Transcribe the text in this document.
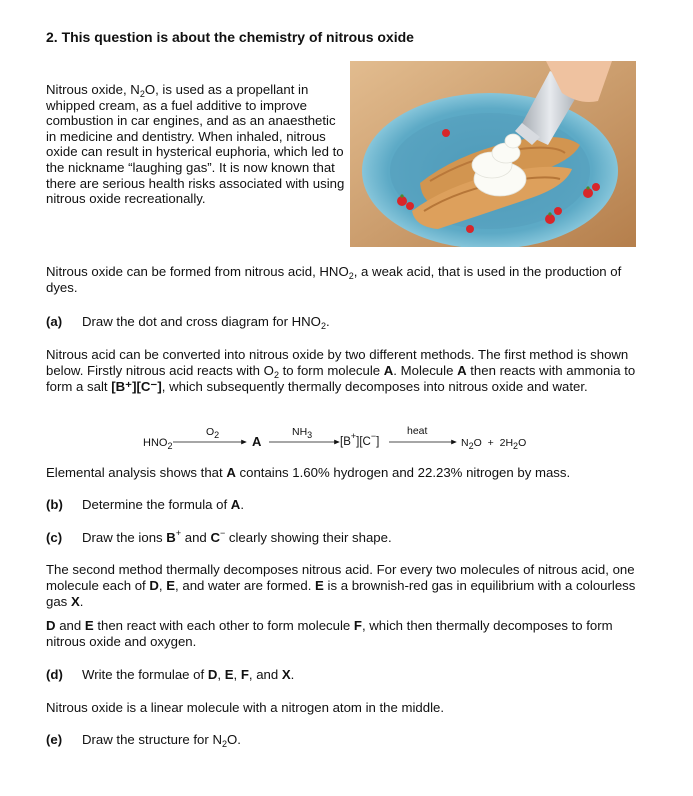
2. This question is about the chemistry of nitrous oxide
Nitrous oxide, $N_2O$, is used as a propellant in whipped cream, as a fuel additive to improve combustion in car engines, and as an anaesthetic in medicine and dentistry. When inhaled, nitrous oxide can result in hysterical euphoria, which led to the nickname “laughing gas”. It is now known that there are serious health risks associated with using nitrous oxide recreationally.
Nitrous oxide can be formed from nitrous acid, $HNO_2$, a weak acid, that is used in the production of dyes.
(a) Draw the dot and cross diagram for $HNO_2$.
Nitrous acid can be converted into nitrous oxide by two different methods. The first method is shown below. Firstly nitrous acid reacts with $O_2$ to form molecule A. Molecule A then reacts with ammonia to form a salt [B⁺][C⁻], which subsequently thermally decomposes into nitrous oxide and water.
$HNO_2$
$O_2$	A
$NH_3$
[B+][C−]
heat
$N_2O + 2H_2O$
Elemental analysis shows that A contains 1.60% hydrogen and 22.23% nitrogen by mass.
(b) Determine the formula of A.
(c) Draw the ions B+ and C− clearly showing their shape.
The second method thermally decomposes nitrous acid. For every two molecules of nitrous acid, one molecule each of D, E, and water are formed. E is a brownish-red gas in equilibrium with a colourless gas X.
D and E then react with each other to form molecule F, which then thermally decomposes to form nitrous oxide and oxygen.
(d) Write the formulae of D, E, F, and X.
Nitrous oxide is a linear molecule with a nitrogen atom in the middle.
(e) Draw the structure for $N_2O$.
